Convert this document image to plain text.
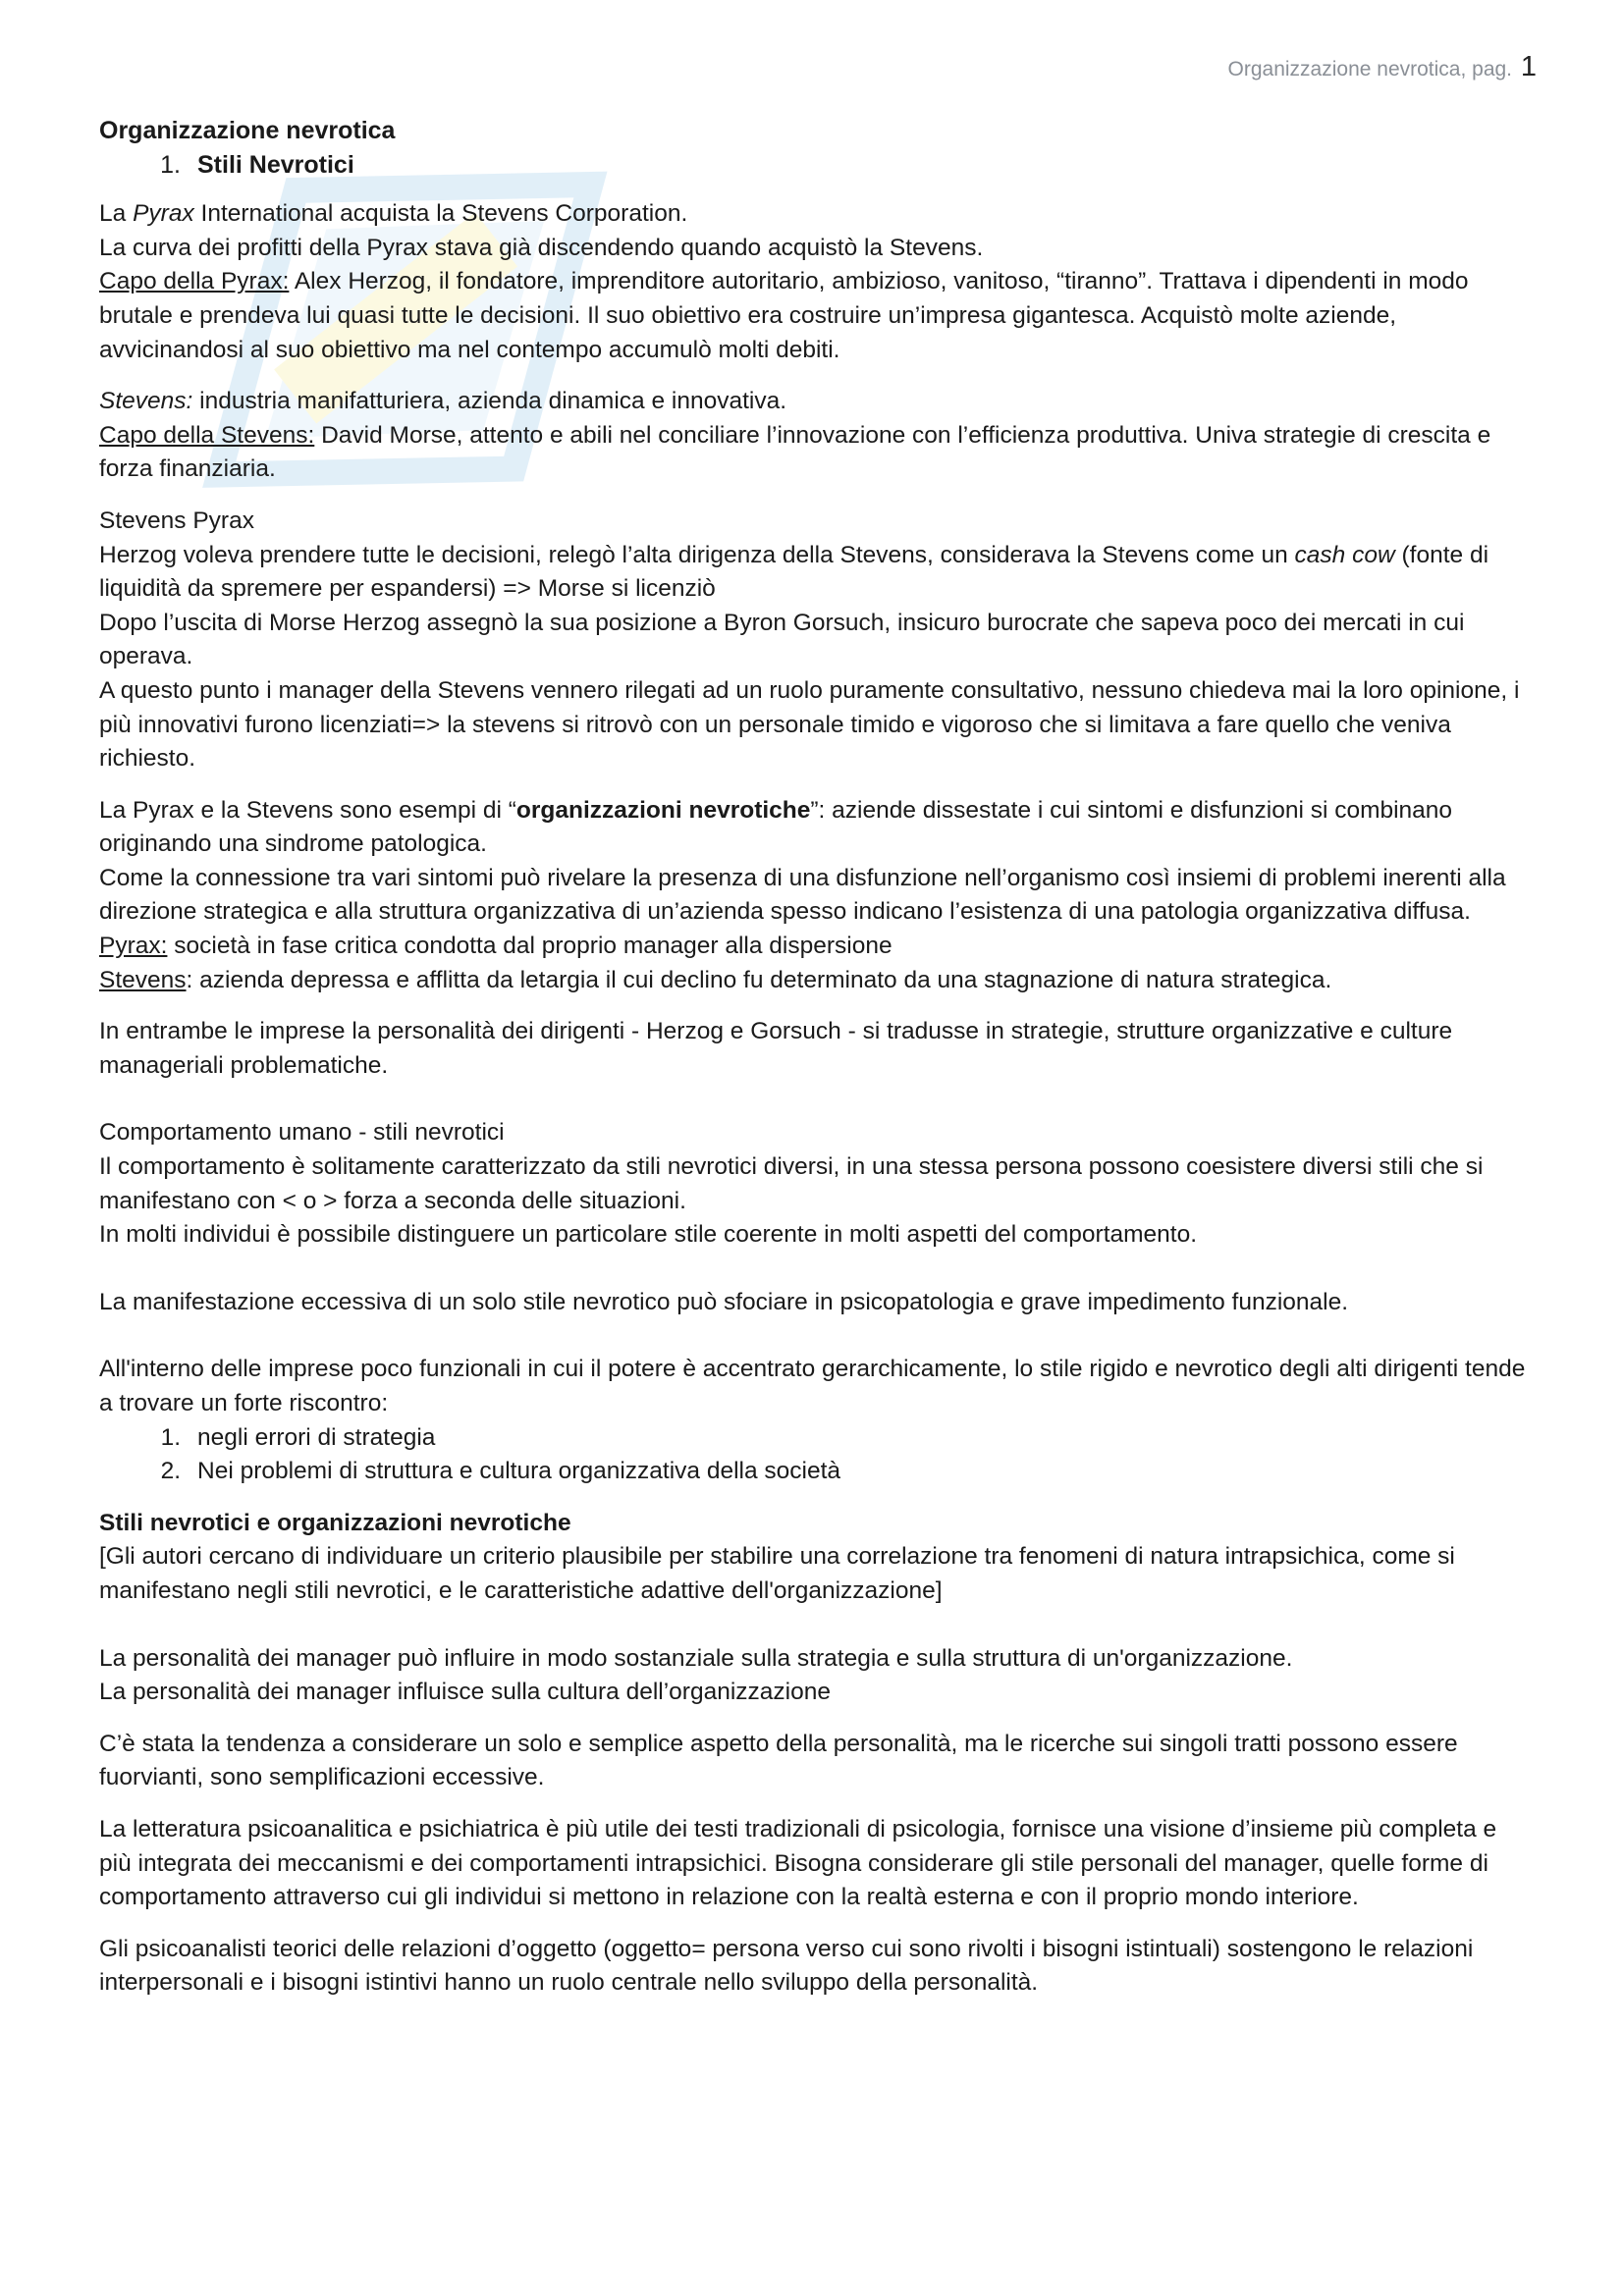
Organizzazione nevrotica, pag. 1

Organizzazione nevrotica

1. Stili Nevrotici

La Pyrax International acquista la Stevens Corporation.

La curva dei profitti della Pyrax stava già discendendo quando acquistò la Stevens.

Capo della Pyrax: Alex Herzog, il fondatore, imprenditore autoritario, ambizioso, vanitoso, “tiranno”. Trattava i dipendenti in modo brutale e prendeva lui quasi tutte le decisioni. Il suo obiettivo era costruire un’impresa gigantesca. Acquistò molte aziende, avvicinandosi al suo obiettivo ma nel contempo accumulò molti debiti.

Stevens: industria manifatturiera, azienda dinamica e innovativa.

Capo della Stevens: David Morse, attento e abili nel conciliare l’innovazione con l’efficienza produttiva. Univa strategie di crescita e forza finanziaria.

Stevens Pyrax

Herzog voleva prendere tutte le decisioni, relegò l’alta dirigenza della Stevens, considerava la Stevens come un cash cow (fonte di liquidità da spremere per espandersi) => Morse si licenziò

Dopo l’uscita di Morse Herzog assegnò la sua posizione a Byron Gorsuch, insicuro burocrate che sapeva poco dei mercati in cui operava.

A questo punto i manager della Stevens vennero rilegati ad un ruolo puramente consultativo, nessuno chiedeva mai la loro opinione, i più innovativi furono licenziati=> la stevens si ritrovò con un personale timido e vigoroso che si limitava a fare quello che veniva richiesto.

La Pyrax e la Stevens sono esempi di “organizzazioni nevrotiche”: aziende dissestate i cui sintomi e disfunzioni si combinano originando una sindrome patologica.

Come la connessione tra vari sintomi può rivelare la presenza di una disfunzione nell’organismo così insiemi di problemi inerenti alla direzione strategica e alla struttura organizzativa di un’azienda spesso indicano l’esistenza di una patologia organizzativa diffusa.

Pyrax: società in fase critica condotta dal proprio manager alla dispersione

Stevens: azienda depressa e afflitta da letargia il cui declino fu determinato da una stagnazione di natura strategica.

In entrambe le imprese la personalità dei dirigenti - Herzog e Gorsuch - si tradusse in strategie, strutture organizzative e culture manageriali problematiche.

Comportamento umano - stili nevrotici

Il comportamento è solitamente caratterizzato da stili nevrotici diversi, in una stessa persona possono coesistere diversi stili che si manifestano con < o > forza a seconda delle situazioni.

In molti individui è possibile distinguere un particolare stile coerente in molti aspetti del comportamento.

La manifestazione eccessiva di un solo stile nevrotico può sfociare in psicopatologia e grave impedimento funzionale.

All'interno delle imprese poco funzionali in cui il potere è accentrato gerarchicamente, lo stile rigido e nevrotico degli alti dirigenti tende a trovare un forte riscontro:

1. negli errori di strategia
2. Nei problemi di struttura e cultura organizzativa della società

Stili nevrotici e organizzazioni nevrotiche

[Gli autori cercano di individuare un criterio plausibile per stabilire una correlazione tra fenomeni di natura intrapsichica, come si manifestano negli stili nevrotici, e le caratteristiche adattive dell'organizzazione]

La personalità dei manager può influire in modo sostanziale sulla strategia e sulla struttura di un'organizzazione.

La personalità dei manager influisce sulla cultura dell’organizzazione

C’è stata la tendenza a considerare un solo e semplice aspetto della personalità, ma le ricerche sui singoli tratti possono essere fuorvianti, sono semplificazioni eccessive.

La letteratura psicoanalitica e psichiatrica è più utile dei testi tradizionali di psicologia, fornisce una visione d’insieme più completa e più integrata dei meccanismi e dei comportamenti intrapsichici. Bisogna considerare gli stile personali del manager, quelle forme di comportamento attraverso cui gli individui si mettono in relazione con la realtà esterna e con il proprio mondo interiore.

Gli psicoanalisti teorici delle relazioni d’oggetto (oggetto= persona verso cui sono rivolti i bisogni istintuali) sostengono le relazioni interpersonali e i bisogni istintivi hanno un ruolo centrale nello sviluppo della personalità.
